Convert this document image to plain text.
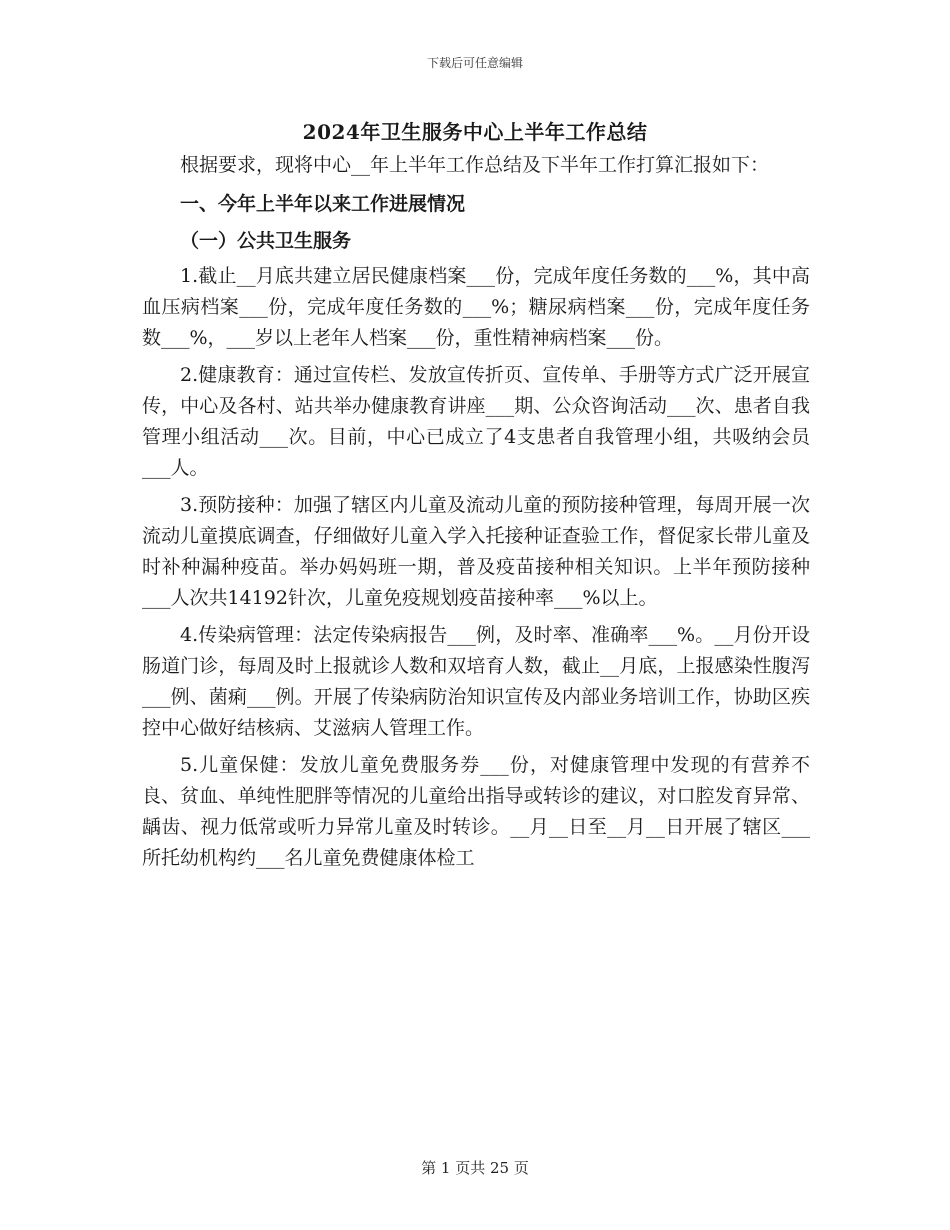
下载后可任意编辑
2024年卫生服务中心上半年工作总结

根据要求，现将中心__年上半年工作总结及下半年工作打算汇报如下：

一、今年上半年以来工作进展情况

（一）公共卫生服务

1.截止__月底共建立居民健康档案___份，完成年度任务数的___%，其中高血压病档案___份，完成年度任务数的___%；糖尿病档案___份，完成年度任务数___%，___岁以上老年人档案___份，重性精神病档案___份。

2.健康教育：通过宣传栏、发放宣传折页、宣传单、手册等方式广泛开展宣传，中心及各村、站共举办健康教育讲座___期、公众咨询活动___次、患者自我管理小组活动___次。目前，中心已成立了4支患者自我管理小组，共吸纳会员___人。

3.预防接种：加强了辖区内儿童及流动儿童的预防接种管理，每周开展一次流动儿童摸底调查，仔细做好儿童入学入托接种证查验工作，督促家长带儿童及时补种漏种疫苗。举办妈妈班一期，普及疫苗接种相关知识。上半年预防接种___人次共14192针次，儿童免疫规划疫苗接种率___%以上。

4.传染病管理：法定传染病报告___例，及时率、准确率___%。__月份开设肠道门诊，每周及时上报就诊人数和双培育人数，截止__月底，上报感染性腹泻___例、菌痢___例。开展了传染病防治知识宣传及内部业务培训工作，协助区疾控中心做好结核病、艾滋病人管理工作。

5.儿童保健：发放儿童免费服务券___份，对健康管理中发现的有营养不良、贫血、单纯性肥胖等情况的儿童给出指导或转诊的建议，对口腔发育异常、龋齿、视力低常或听力异常儿童及时转诊。__月__日至__月__日开展了辖区___所托幼机构约___名儿童免费健康体检工

第 1 页共 25 页
